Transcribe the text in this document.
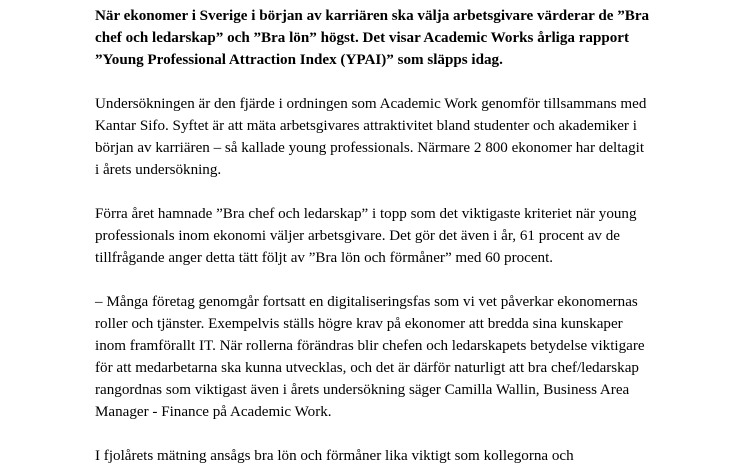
När ekonomer i Sverige i början av karriären ska välja arbetsgivare värderar de ”Bra
chef och ledarskap” och ”Bra lön” högst. Det visar Academic Works årliga rapport
”Young Professional Attraction Index (YPAI)” som släpps idag.

Undersökningen är den fjärde i ordningen som Academic Work genomför tillsammans med
Kantar Sifo. Syftet är att mäta arbetsgivares attraktivitet bland studenter och akademiker i
början av karriären – så kallade young professionals. Närmare 2 800 ekonomer har deltagit
i årets undersökning.

Förra året hamnade ”Bra chef och ledarskap” i topp som det viktigaste kriteriet när young
professionals inom ekonomi väljer arbetsgivare. Det gör det även i år, 61 procent av de
tillfrågande anger detta tätt följt av ”Bra lön och förmåner” med 60 procent.

– Många företag genomgår fortsatt en digitaliseringsfas som vi vet påverkar ekonomernas
roller och tjänster. Exempelvis ställs högre krav på ekonomer att bredda sina kunskaper
inom framförallt IT. När rollerna förändras blir chefen och ledarskapets betydelse viktigare
för att medarbetarna ska kunna utvecklas, och det är därför naturligt att bra chef/ledarskap
rangordnas som viktigast även i årets undersökning säger Camilla Wallin, Business Area
Manager - Finance på Academic Work.

I fjolårets mätning ansågs bra lön och förmåner lika viktigt som kollegorna och
